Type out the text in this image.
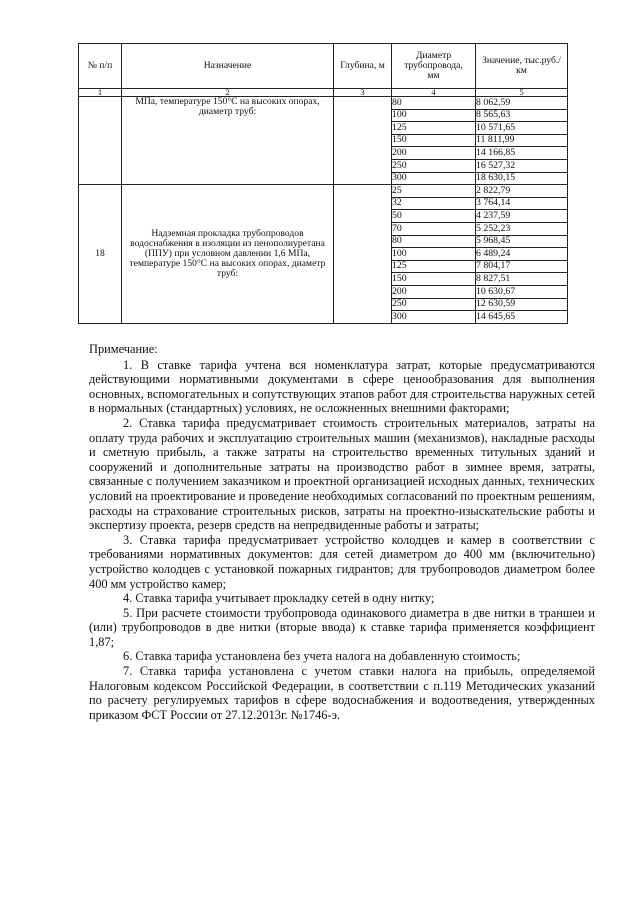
№ п/п	Назначение	Глубина, м	Диаметр трубопровода, мм	Значение, тыс.руб./км
1	2	3	4	5
	МПа, температуре 150°С на высоких опорах, диаметр труб:		80	8 062,59
			100	8 565,63
			125	10 571,65
			150	11 811,99
			200	14 166,85
			250	16 527,32
			300	18 630,15
18	Надземная прокладка трубопроводов водоснабжения в изоляции из пенополиуретана (ППУ) при условном давлении 1,6 МПа, температуре 150°С на высоких опорах, диаметр труб:		25	2 822,79
			32	3 764,14
			50	4 237,59
			70	5 252,23
			80	5 968,45
			100	6 489,24
			125	7 804,17
			150	8 827,51
			200	10 630,67
			250	12 630,59
			300	14 645,65

Примечание:

1. В ставке тарифа учтена вся номенклатура затрат, которые предусматриваются действующими нормативными документами в сфере ценообразования для выполнения основных, вспомогательных и сопутствующих этапов работ для строительства наружных сетей в нормальных (стандартных) условиях, не осложненных внешними факторами;

2. Ставка тарифа предусматривает стоимость строительных материалов, затраты на оплату труда рабочих и эксплуатацию строительных машин (механизмов), накладные расходы и сметную прибыль, а также затраты на строительство временных титульных зданий и сооружений и дополнительные затраты на производство работ в зимнее время, затраты, связанные с получением заказчиком и проектной организацией исходных данных, технических условий на проектирование и проведение необходимых согласований по проектным решениям, расходы на страхование строительных рисков, затраты на проектно-изыскательские работы и экспертизу проекта, резерв средств на непредвиденные работы и затраты;

3. Ставка тарифа предусматривает устройство колодцев и камер в соответствии с требованиями нормативных документов: для сетей диаметром до 400 мм (включительно) устройство колодцев с установкой пожарных гидрантов; для трубопроводов диаметром более 400 мм устройство камер;

4. Ставка тарифа учитывает прокладку сетей в одну нитку;

5. При расчете стоимости трубопровода одинакового диаметра в две нитки в траншеи и (или) трубопроводов в две нитки (вторые ввода) к ставке тарифа применяется коэффициент 1,87;

6. Ставка тарифа установлена без учета налога на добавленную стоимость;

7. Ставка тарифа установлена с учетом ставки налога на прибыль, определяемой Налоговым кодексом Российской Федерации, в соответствии с п.119 Методических указаний по расчету регулируемых тарифов в сфере водоснабжения и водоотведения, утвержденных приказом ФСТ России от 27.12.2013г. №1746-э.
